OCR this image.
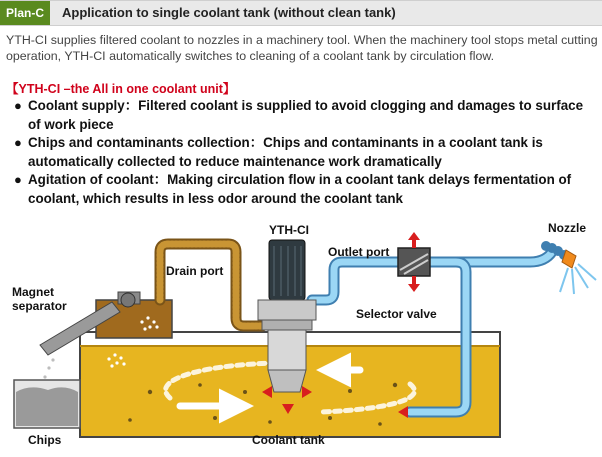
Plan-C	Application to single coolant tank (without clean tank)
YTH-CI supplies filtered coolant to nozzles in a machinery tool. When the machinery tool stops metal cutting operation, YTH-CI automatically switches to cleaning of a coolant tank by circulation flow.
【YTH-CI –the All in one coolant unit】
● Coolant supply：Filtered coolant is supplied to avoid clogging and damages to surface of work piece
● Chips and contaminants collection：Chips and contaminants in a coolant tank is automatically collected to reduce maintenance work dramatically
● Agitation of coolant：Making circulation flow in a coolant tank delays fermentation of coolant, which results in less odor around the coolant tank
YTH-CI
Drain port
Outlet port
Nozzle
Magnet
separator
Selector valve
Chips	Coolant tank
